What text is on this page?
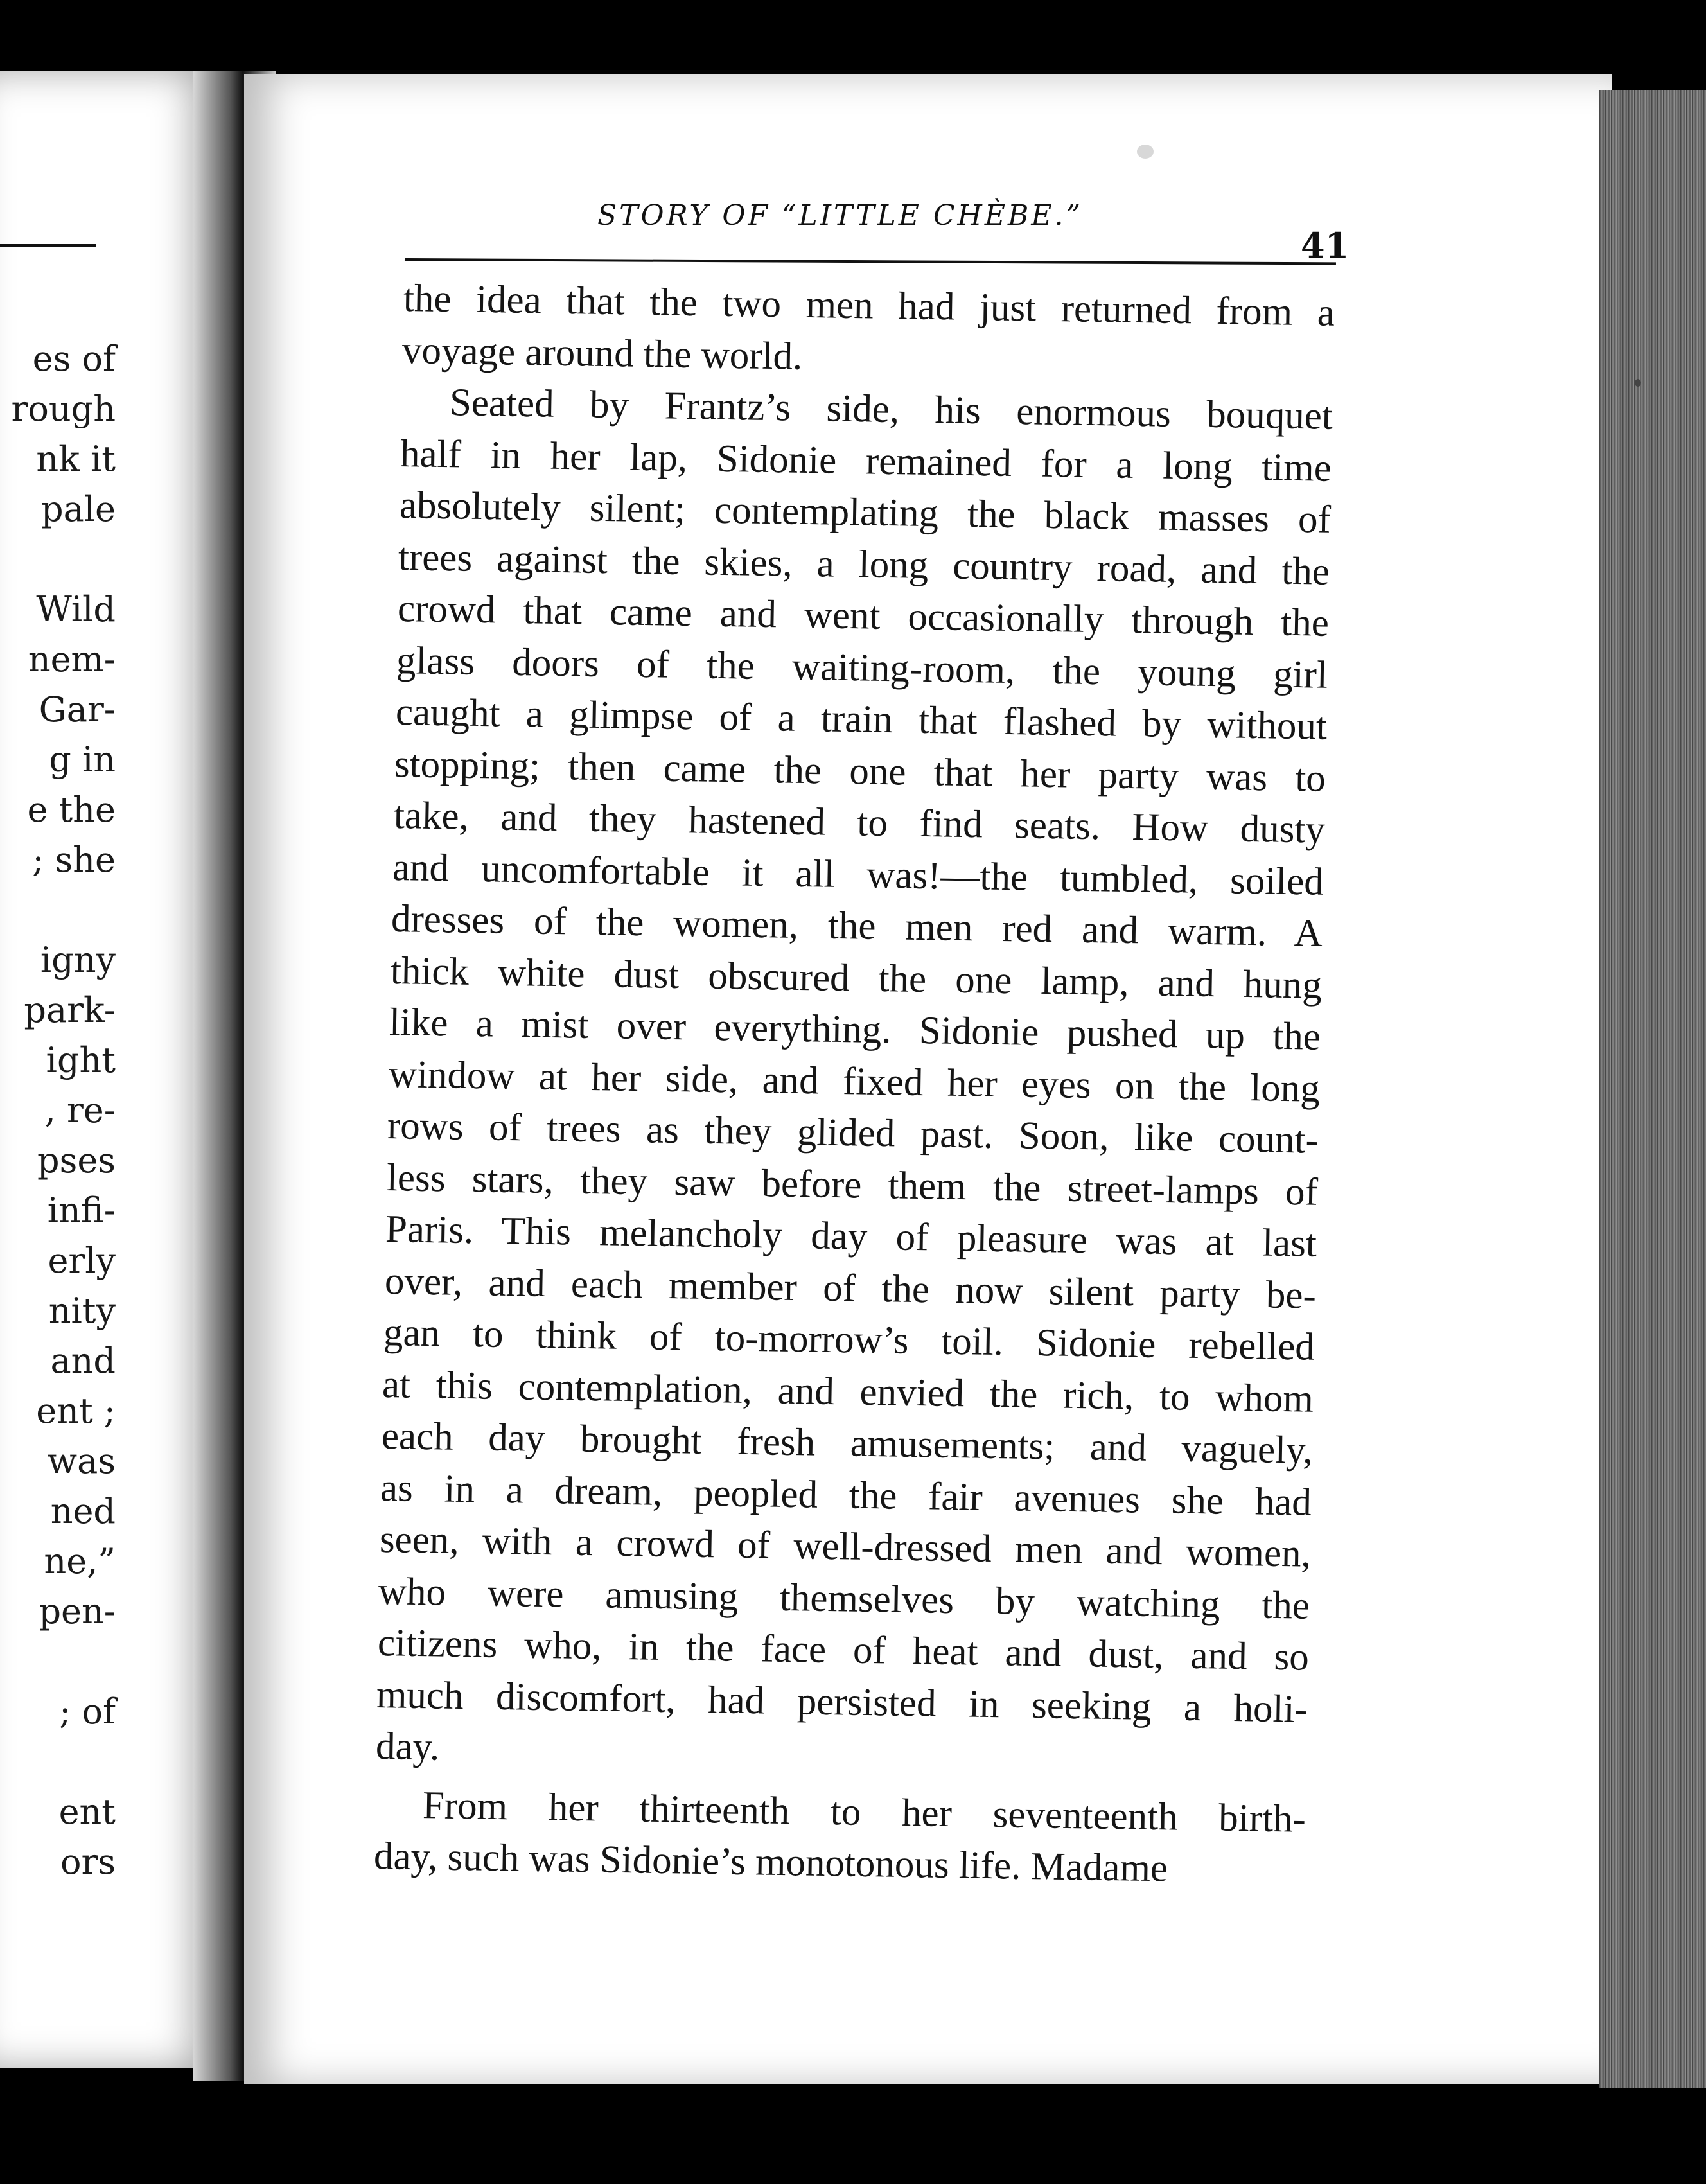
es of
rough
nk it
pale
Wild
nem-
Gar-
g in
e the
; she
igny
park-
ight
, re-
pses
infi-
erly
nity
and
ent ;
was
ned
ne,”
pen-
; of
ent
ors
STORY OF “LITTLE CHÈBE.”
41
the idea that the two men had just returned from a
voyage around the world.
Seated by Frantz’s side, his enormous bouquet
half in her lap, Sidonie remained for a long time
absolutely silent; contemplating the black masses of
trees against the skies, a long country road, and the
crowd that came and went occasionally through the
glass doors of the waiting-room, the young girl
caught a glimpse of a train that flashed by without
stopping; then came the one that her party was to
take, and they hastened to find seats. How dusty
and uncomfortable it all was!—the tumbled, soiled
dresses of the women, the men red and warm. A
thick white dust obscured the one lamp, and hung
like a mist over everything. Sidonie pushed up the
window at her side, and fixed her eyes on the long
rows of trees as they glided past. Soon, like count-
less stars, they saw before them the street-lamps of
Paris. This melancholy day of pleasure was at last
over, and each member of the now silent party be-
gan to think of to-morrow’s toil. Sidonie rebelled
at this contemplation, and envied the rich, to whom
each day brought fresh amusements; and vaguely,
as in a dream, peopled the fair avenues she had
seen, with a crowd of well-dressed men and women,
who were amusing themselves by watching the
citizens who, in the face of heat and dust, and so
much discomfort, had persisted in seeking a holi-
day.
From her thirteenth to her seventeenth birth-
day, such was Sidonie’s monotonous life. Madame
